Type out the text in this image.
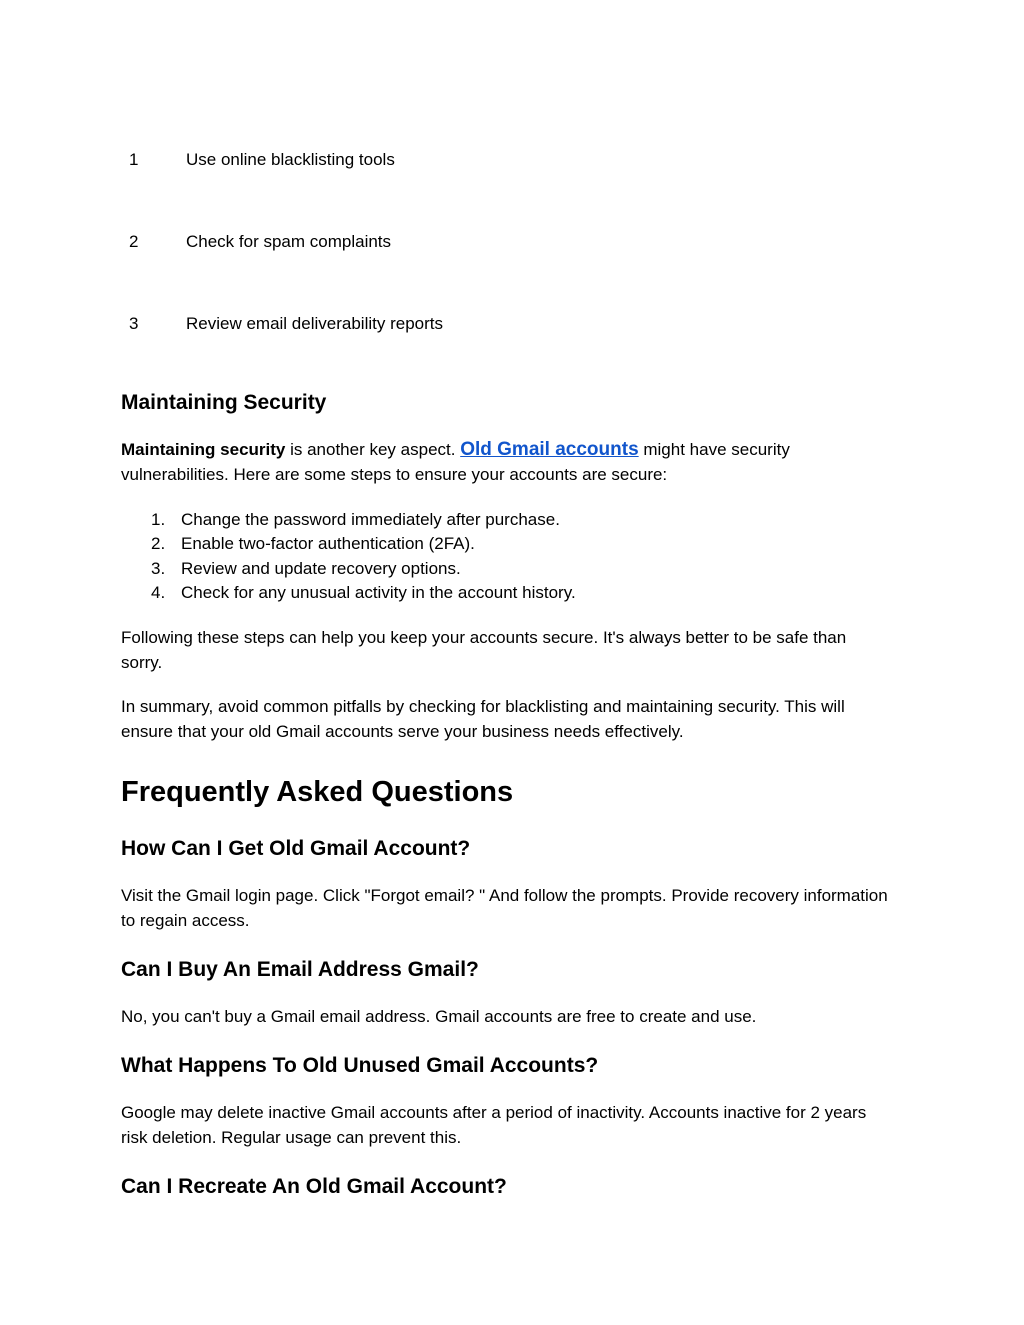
1	Use online blacklisting tools
2	Check for spam complaints
3	Review email deliverability reports
Maintaining Security

Maintaining security is another key aspect. Old Gmail accounts might have security vulnerabilities. Here are some steps to ensure your accounts are secure:

1. Change the password immediately after purchase.
2. Enable two-factor authentication (2FA).
3. Review and update recovery options.
4. Check for any unusual activity in the account history.

Following these steps can help you keep your accounts secure. It's always better to be safe than sorry.

In summary, avoid common pitfalls by checking for blacklisting and maintaining security. This will ensure that your old Gmail accounts serve your business needs effectively.

Frequently Asked Questions
How Can I Get Old Gmail Account?

Visit the Gmail login page. Click "Forgot email? " And follow the prompts. Provide recovery information to regain access.

Can I Buy An Email Address Gmail?

No, you can't buy a Gmail email address. Gmail accounts are free to create and use.

What Happens To Old Unused Gmail Accounts?

Google may delete inactive Gmail accounts after a period of inactivity. Accounts inactive for 2 years risk deletion. Regular usage can prevent this.

Can I Recreate An Old Gmail Account?
